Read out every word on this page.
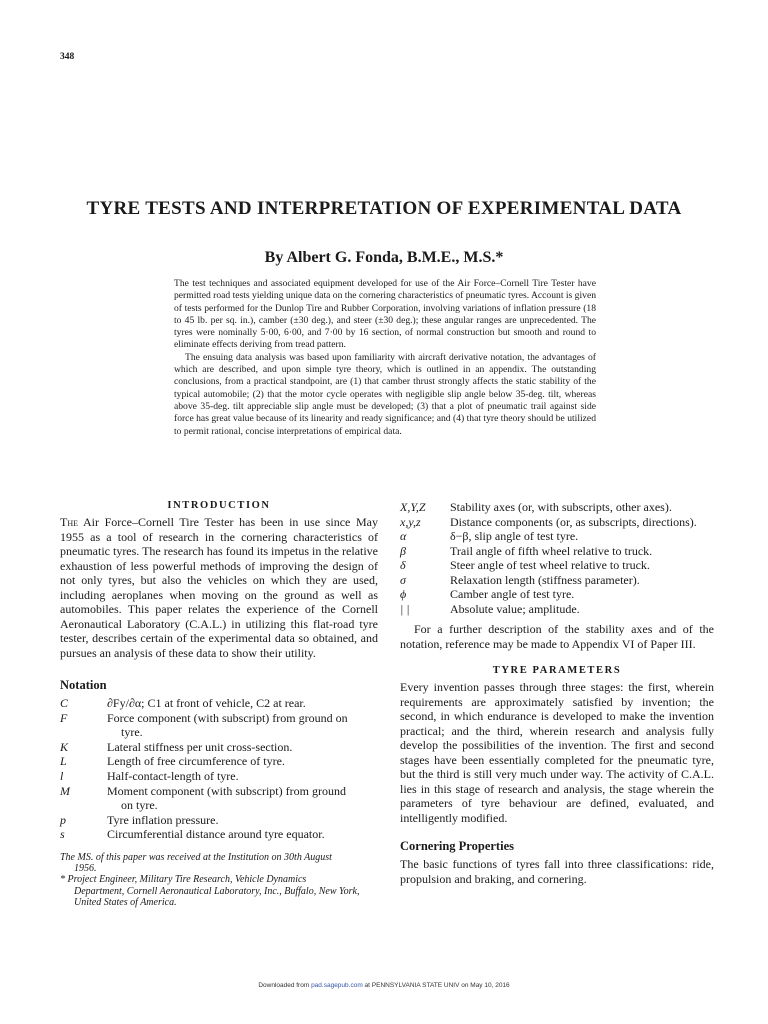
348
TYRE TESTS AND INTERPRETATION OF EXPERIMENTAL DATA
By Albert G. Fonda, B.M.E., M.S.*

The test techniques and associated equipment developed for use of the Air Force–Cornell Tire Tester have permitted road tests yielding unique data on the cornering characteristics of pneumatic tyres. Account is given of tests performed for the Dunlop Tire and Rubber Corporation, involving variations of inflation pressure (18 to 45 lb. per sq. in.), camber (±30 deg.), and steer (±30 deg.); these angular ranges are unprecedented. The tyres were nominally 5·00, 6·00, and 7·00 by 16 section, of normal construction but smooth and round to eliminate effects deriving from tread pattern.

The ensuing data analysis was based upon familiarity with aircraft derivative notation, the advantages of which are described, and upon simple tyre theory, which is outlined in an appendix. The outstanding conclusions, from a practical standpoint, are (1) that camber thrust strongly affects the static stability of the typical automobile; (2) that the motor cycle operates with negligible slip angle below 35-deg. tilt, whereas above 35-deg. tilt appreciable slip angle must be developed; (3) that a plot of pneumatic trail against side force has great value because of its linearity and ready significance; and (4) that tyre theory should be utilized to permit rational, concise interpretations of empirical data.

INTRODUCTION

The Air Force–Cornell Tire Tester has been in use since May 1955 as a tool of research in the cornering characteristics of pneumatic tyres. The research has found its impetus in the relative exhaustion of less powerful methods of improving the design of not only tyres, but also the vehicles on which they are used, including aeroplanes when moving on the ground as well as automobiles. This paper relates the experience of the Cornell Aeronautical Laboratory (C.A.L.) in utilizing this flat-road tyre tester, describes certain of the experimental data so obtained, and pursues an analysis of these data to show their utility.

Notation
C	∂Fy/∂α; C1 at front of vehicle, C2 at rear.
F	Force component (with subscript) from ground on
tyre.
K	Lateral stiffness per unit cross-section.
L	Length of free circumference of tyre.
l	Half-contact-length of tyre.
M	Moment component (with subscript) from ground
on tyre.
p	Tyre inflation pressure.
s	Circumferential distance around tyre equator.
The MS. of this paper was received at the Institution on 30th August
1956.
* Project Engineer, Military Tire Research, Vehicle Dynamics
Department, Cornell Aeronautical Laboratory, Inc., Buffalo, New York, United States of America.
X,Y,Z	Stability axes (or, with subscripts, other axes).
x,y,z	Distance components (or, as subscripts, directions).
α	δ−β, slip angle of test tyre.
β	Trail angle of fifth wheel relative to truck.
δ	Steer angle of test wheel relative to truck.
σ	Relaxation length (stiffness parameter).
ϕ	Camber angle of test tyre.
| |	Absolute value; amplitude.

For a further description of the stability axes and of the notation, reference may be made to Appendix VI of Paper III.

TYRE PARAMETERS

Every invention passes through three stages: the first, wherein requirements are approximately satisfied by invention; the second, in which endurance is developed to make the invention practical; and the third, wherein research and analysis fully develop the possibilities of the invention. The first and second stages have been essentially completed for the pneumatic tyre, but the third is still very much under way. The activity of C.A.L. lies in this stage of research and analysis, the stage wherein the parameters of tyre behaviour are defined, evaluated, and intelligently modified.

Cornering Properties

The basic functions of tyres fall into three classifications: ride, propulsion and braking, and cornering.

Downloaded from pad.sagepub.com at PENNSYLVANIA STATE UNIV on May 10, 2016
